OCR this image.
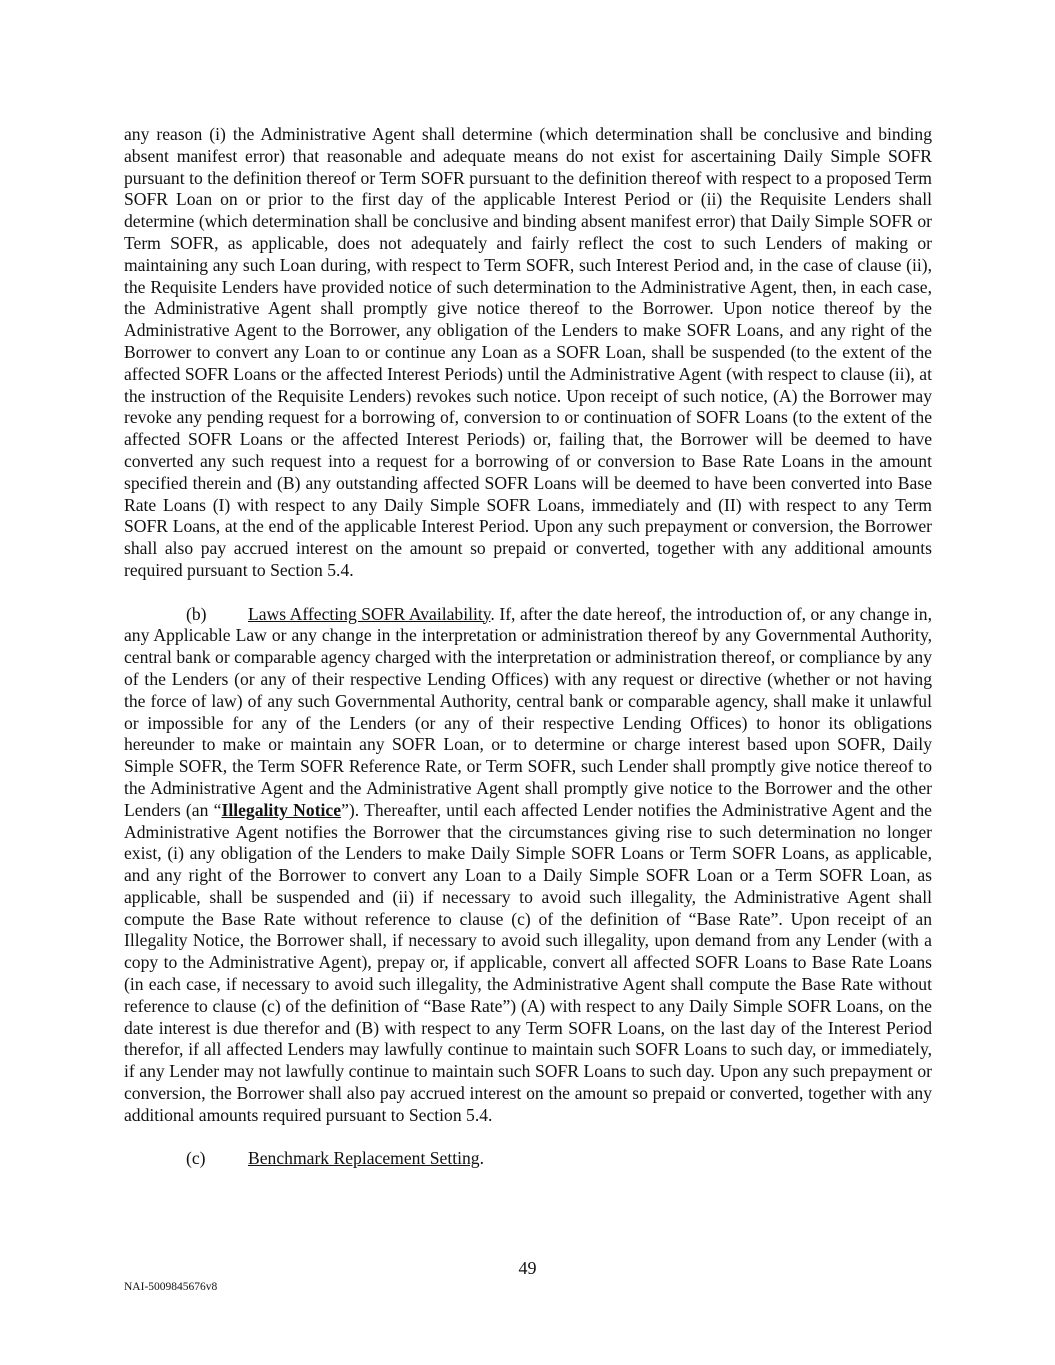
any reason (i) the Administrative Agent shall determine (which determination shall be conclusive and binding absent manifest error) that reasonable and adequate means do not exist for ascertaining Daily Simple SOFR pursuant to the definition thereof or Term SOFR pursuant to the definition thereof with respect to a proposed Term SOFR Loan on or prior to the first day of the applicable Interest Period or (ii) the Requisite Lenders shall determine (which determination shall be conclusive and binding absent manifest error) that Daily Simple SOFR or Term SOFR, as applicable, does not adequately and fairly reflect the cost to such Lenders of making or maintaining any such Loan during, with respect to Term SOFR, such Interest Period and, in the case of clause (ii), the Requisite Lenders have provided notice of such determination to the Administrative Agent, then, in each case, the Administrative Agent shall promptly give notice thereof to the Borrower. Upon notice thereof by the Administrative Agent to the Borrower, any obligation of the Lenders to make SOFR Loans, and any right of the Borrower to convert any Loan to or continue any Loan as a SOFR Loan, shall be suspended (to the extent of the affected SOFR Loans or the affected Interest Periods) until the Administrative Agent (with respect to clause (ii), at the instruction of the Requisite Lenders) revokes such notice. Upon receipt of such notice, (A) the Borrower may revoke any pending request for a borrowing of, conversion to or continuation of SOFR Loans (to the extent of the affected SOFR Loans or the affected Interest Periods) or, failing that, the Borrower will be deemed to have converted any such request into a request for a borrowing of or conversion to Base Rate Loans in the amount specified therein and (B) any outstanding affected SOFR Loans will be deemed to have been converted into Base Rate Loans (I) with respect to any Daily Simple SOFR Loans, immediately and (II) with respect to any Term SOFR Loans, at the end of the applicable Interest Period. Upon any such prepayment or conversion, the Borrower shall also pay accrued interest on the amount so prepaid or converted, together with any additional amounts required pursuant to Section 5.4.

(b) Laws Affecting SOFR Availability. If, after the date hereof, the introduction of, or any change in, any Applicable Law or any change in the interpretation or administration thereof by any Governmental Authority, central bank or comparable agency charged with the interpretation or administration thereof, or compliance by any of the Lenders (or any of their respective Lending Offices) with any request or directive (whether or not having the force of law) of any such Governmental Authority, central bank or comparable agency, shall make it unlawful or impossible for any of the Lenders (or any of their respective Lending Offices) to honor its obligations hereunder to make or maintain any SOFR Loan, or to determine or charge interest based upon SOFR, Daily Simple SOFR, the Term SOFR Reference Rate, or Term SOFR, such Lender shall promptly give notice thereof to the Administrative Agent and the Administrative Agent shall promptly give notice to the Borrower and the other Lenders (an “Illegality Notice”). Thereafter, until each affected Lender notifies the Administrative Agent and the Administrative Agent notifies the Borrower that the circumstances giving rise to such determination no longer exist, (i) any obligation of the Lenders to make Daily Simple SOFR Loans or Term SOFR Loans, as applicable, and any right of the Borrower to convert any Loan to a Daily Simple SOFR Loan or a Term SOFR Loan, as applicable, shall be suspended and (ii) if necessary to avoid such illegality, the Administrative Agent shall compute the Base Rate without reference to clause (c) of the definition of “Base Rate”. Upon receipt of an Illegality Notice, the Borrower shall, if necessary to avoid such illegality, upon demand from any Lender (with a copy to the Administrative Agent), prepay or, if applicable, convert all affected SOFR Loans to Base Rate Loans (in each case, if necessary to avoid such illegality, the Administrative Agent shall compute the Base Rate without reference to clause (c) of the definition of “Base Rate”) (A) with respect to any Daily Simple SOFR Loans, on the date interest is due therefor and (B) with respect to any Term SOFR Loans, on the last day of the Interest Period therefor, if all affected Lenders may lawfully continue to maintain such SOFR Loans to such day, or immediately, if any Lender may not lawfully continue to maintain such SOFR Loans to such day. Upon any such prepayment or conversion, the Borrower shall also pay accrued interest on the amount so prepaid or converted, together with any additional amounts required pursuant to Section 5.4.

(c) Benchmark Replacement Setting.

49
NAI-5009845676v8
